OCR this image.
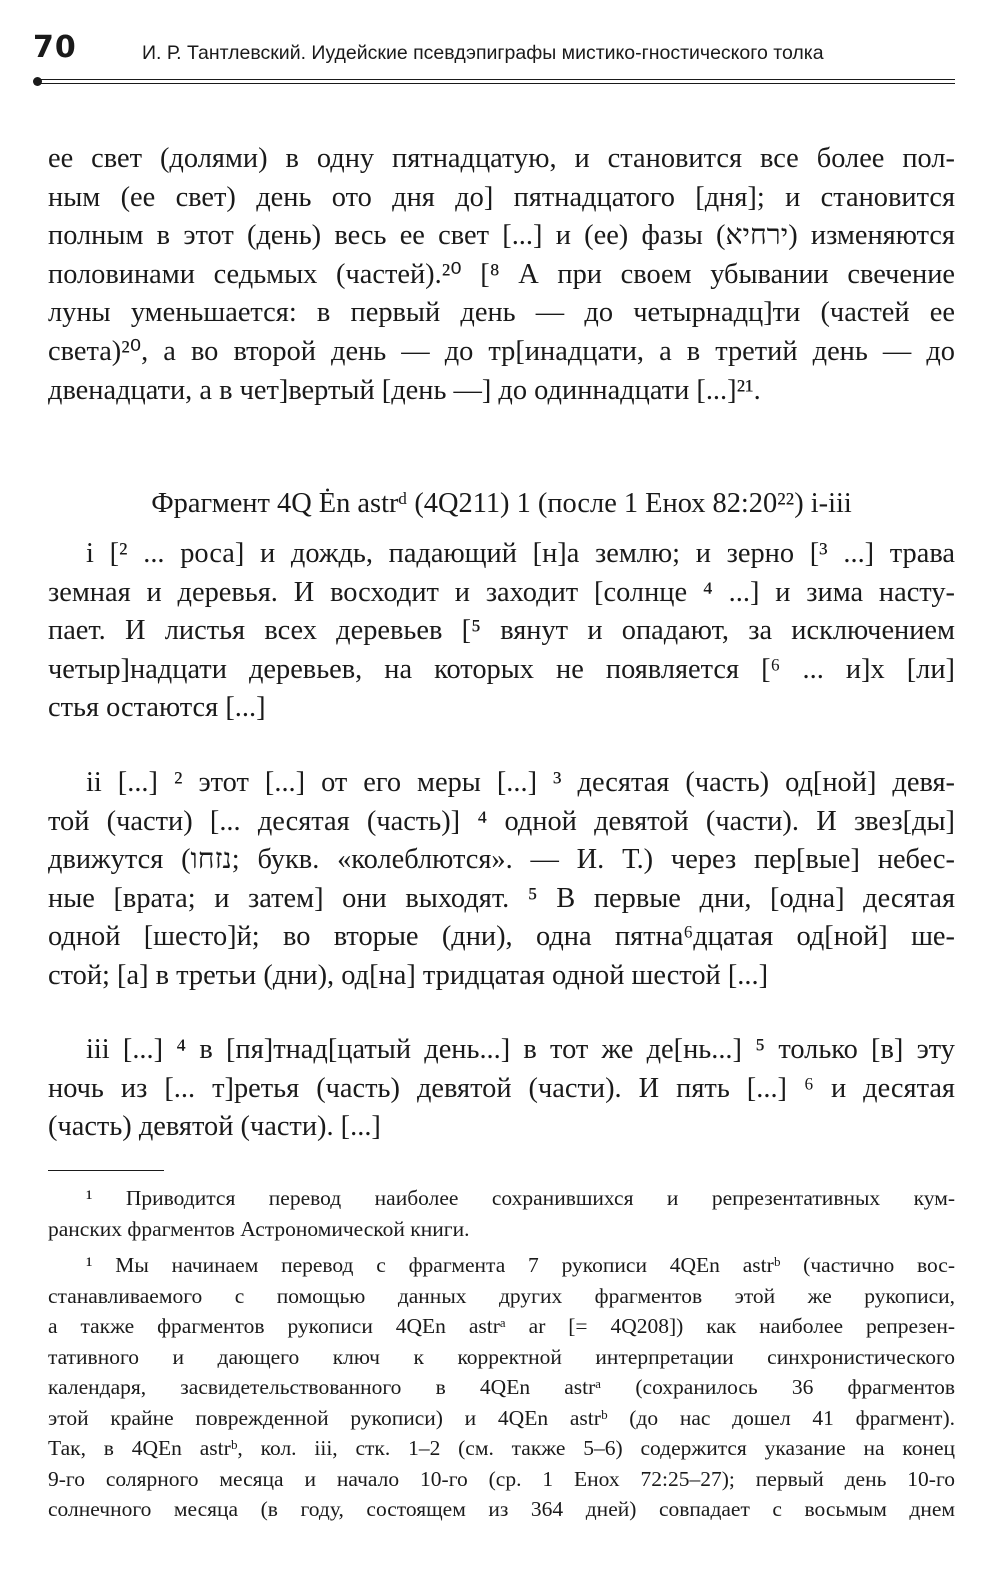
70	И. Р. Тантлевский. Иудейские псевдэпиграфы мистико-гностического толка
ее свет (долями) в одну пятнадцатую, и становится все более пол-
ным (ее свет) день ото дня до] пятнадцатого [дня]; и становится
полным в этот (день) весь ее свет [...] и (ее) фазы (ירחיא) изменяются
половинами седьмых (частей).²⁰ [⁸ А при своем убывании свечение
луны уменьшается: в первый день — до четырнадц]ти (частей ее
света)²⁰, а во второй день — до тр[инадцати, а в третий день — до
двенадцати, а в чет]вертый [день —] до одиннадцати [...]²¹.
Фрагмент 4Q Ėn astrᵈ (4Q211) 1 (после 1 Енох 82:20²²) i-iii
i [² ... роса] и дождь, падающий [н]а землю; и зерно [³ ...] трава
земная и деревья. И восходит и заходит [солнце ⁴ ...] и зима насту-
пает. И листья всех деревьев [⁵ вянут и опадают, за исключением
четыр]надцати деревьев, на которых не появляется [⁶ ... и]х [ли]
стья остаются [...]
ii [...] ² этот [...] от его меры [...] ³ десятая (часть) од[ной] девя-
той (части) [... десятая (часть)] ⁴ одной девятой (части). И звез[ды]
движутся (נזחו; букв. «колеблются». — И. Т.) через пер[вые] небес-
ные [врата; и затем] они выходят. ⁵ В первые дни, [одна] десятая
одной [шесто]й; во вторые (дни), одна пятна⁶дцатая од[ной] ше-
стой; [а] в третьи (дни), од[на] тридцатая одной шестой [...]
iii [...] ⁴ в [пя]тнад[цатый день...] в тот же де[нь...] ⁵ только [в] эту
ночь из [... т]ретья (часть) девятой (части). И пять [...] ⁶ и десятая
(часть) девятой (части). [...]
¹ Приводится перевод наиболее сохранившихся и репрезентативных кум-
ранских фрагментов Астрономической книги.
¹ Мы начинаем перевод с фрагмента 7 рукописи 4QEn astrᵇ (частично вос-
станавливаемого с помощью данных других фрагментов этой же рукописи,
а также фрагментов рукописи 4QEn astrᵃ ar [= 4Q208]) как наиболее репрезен-
тативного и дающего ключ к корректной интерпретации синхронистического
календаря, засвидетельствованного в 4QEn astrᵃ (сохранилось 36 фрагментов
этой крайне поврежденной рукописи) и 4QEn astrᵇ (до нас дошел 41 фрагмент).
Так, в 4QEn astrᵇ, кол. iii, стк. 1–2 (см. также 5–6) содержится указание на конец
9-го солярного месяца и начало 10-го (ср. 1 Енох 72:25–27); первый день 10-го
солнечного месяца (в году, состоящем из 364 дней) совпадает с восьмым днем
